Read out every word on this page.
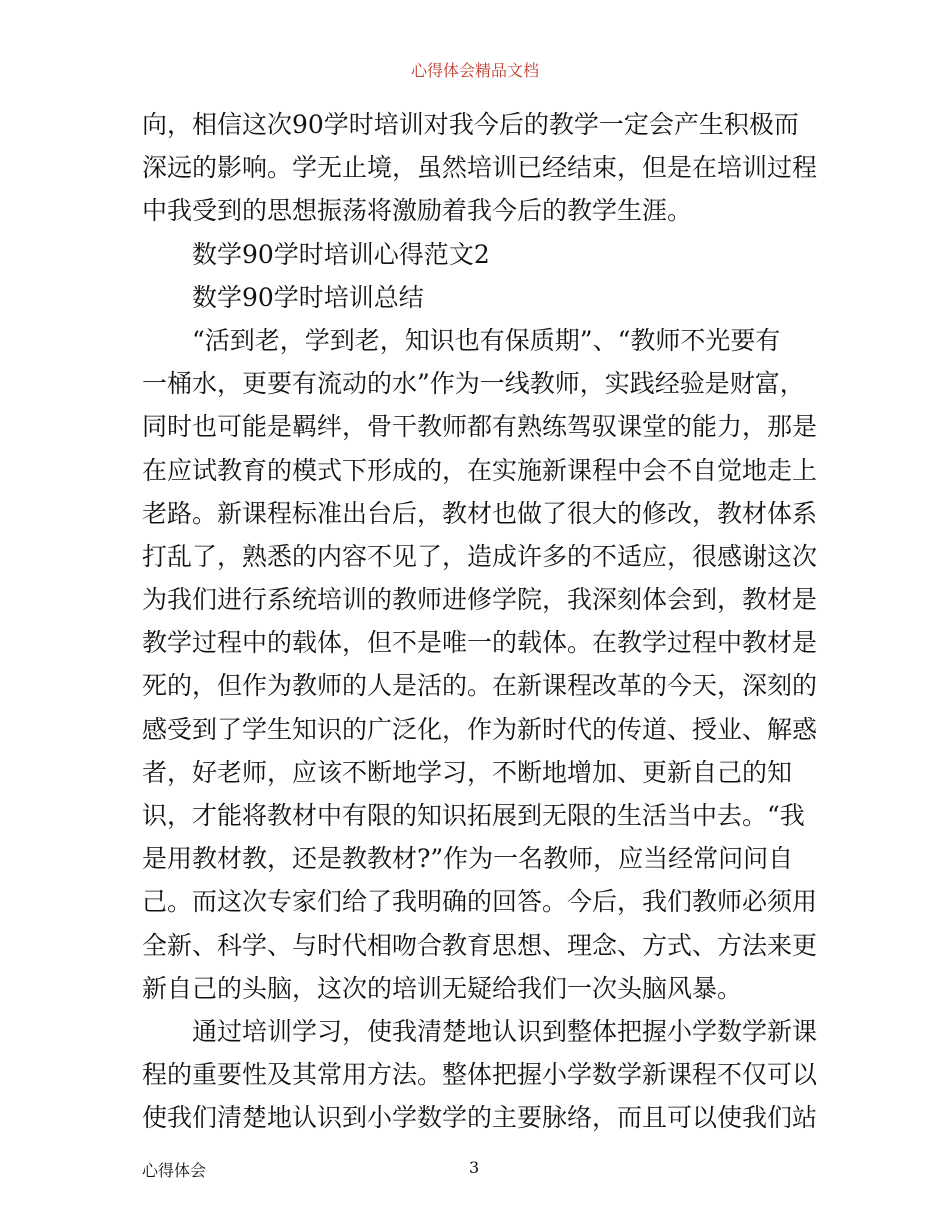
心得体会精品文档
向，相信这次90学时培训对我今后的教学一定会产生积极而
深远的影响。学无止境，虽然培训已经结束，但是在培训过程
中我受到的思想振荡将激励着我今后的教学生涯。
　　数学90学时培训心得范文2
　　数学90学时培训总结
　　“活到老，学到老，知识也有保质期”、“教师不光要有
一桶水，更要有流动的水”作为一线教师，实践经验是财富，
同时也可能是羁绊，骨干教师都有熟练驾驭课堂的能力，那是
在应试教育的模式下形成的，在实施新课程中会不自觉地走上
老路。新课程标准出台后，教材也做了很大的修改，教材体系
打乱了，熟悉的内容不见了，造成许多的不适应，很感谢这次
为我们进行系统培训的教师进修学院，我深刻体会到，教材是
教学过程中的载体，但不是唯一的载体。在教学过程中教材是
死的，但作为教师的人是活的。在新课程改革的今天，深刻的
感受到了学生知识的广泛化，作为新时代的传道、授业、解惑
者，好老师，应该不断地学习，不断地增加、更新自己的知
识，才能将教材中有限的知识拓展到无限的生活当中去。“我
是用教材教，还是教教材?”作为一名教师，应当经常问问自
己。而这次专家们给了我明确的回答。今后，我们教师必须用
全新、科学、与时代相吻合教育思想、理念、方式、方法来更
新自己的头脑，这次的培训无疑给我们一次头脑风暴。
　　通过培训学习，使我清楚地认识到整体把握小学数学新课
程的重要性及其常用方法。整体把握小学数学新课程不仅可以
使我们清楚地认识到小学数学的主要脉络，而且可以使我们站
心得体会	3
